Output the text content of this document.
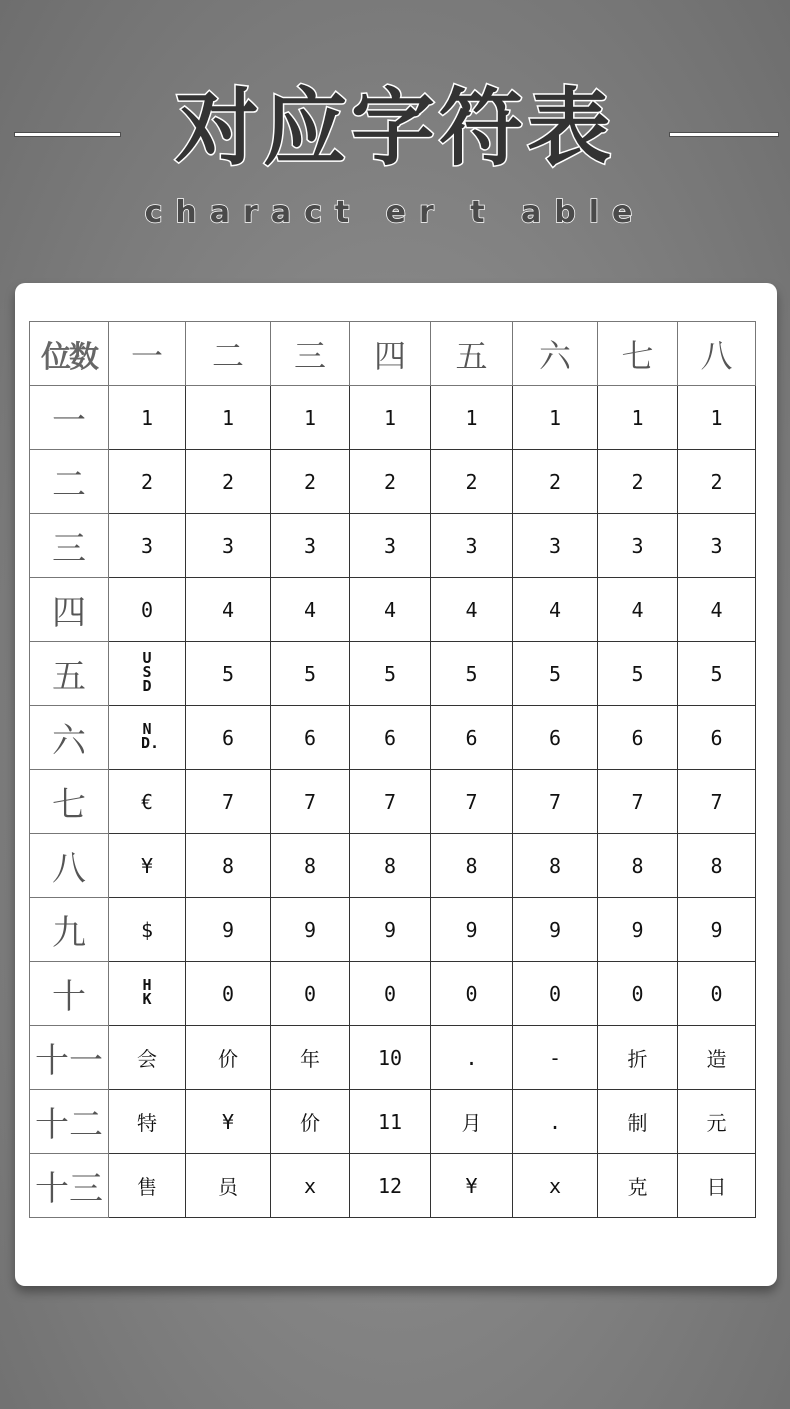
对应字符表
charact er t able
位数	一	二	三	四	五	六	七	八
一	1	1	1	1	1	1	1	1
二	2	2	2	2	2	2	2	2
三	3	3	3	3	3	3	3	3
四	0	4	4	4	4	4	4	4
五	USD	5	5	5	5	5	5	5
六	ND.	6	6	6	6	6	6	6
七	€	7	7	7	7	7	7	7
八	¥	8	8	8	8	8	8	8
九	$	9	9	9	9	9	9	9
十	HK	0	0	0	0	0	0	0
十一	会	价	年	10	.	-	折	造
十二	特	¥	价	11	月	.	制	元
十三	售	员	x	12	¥	x	克	日
